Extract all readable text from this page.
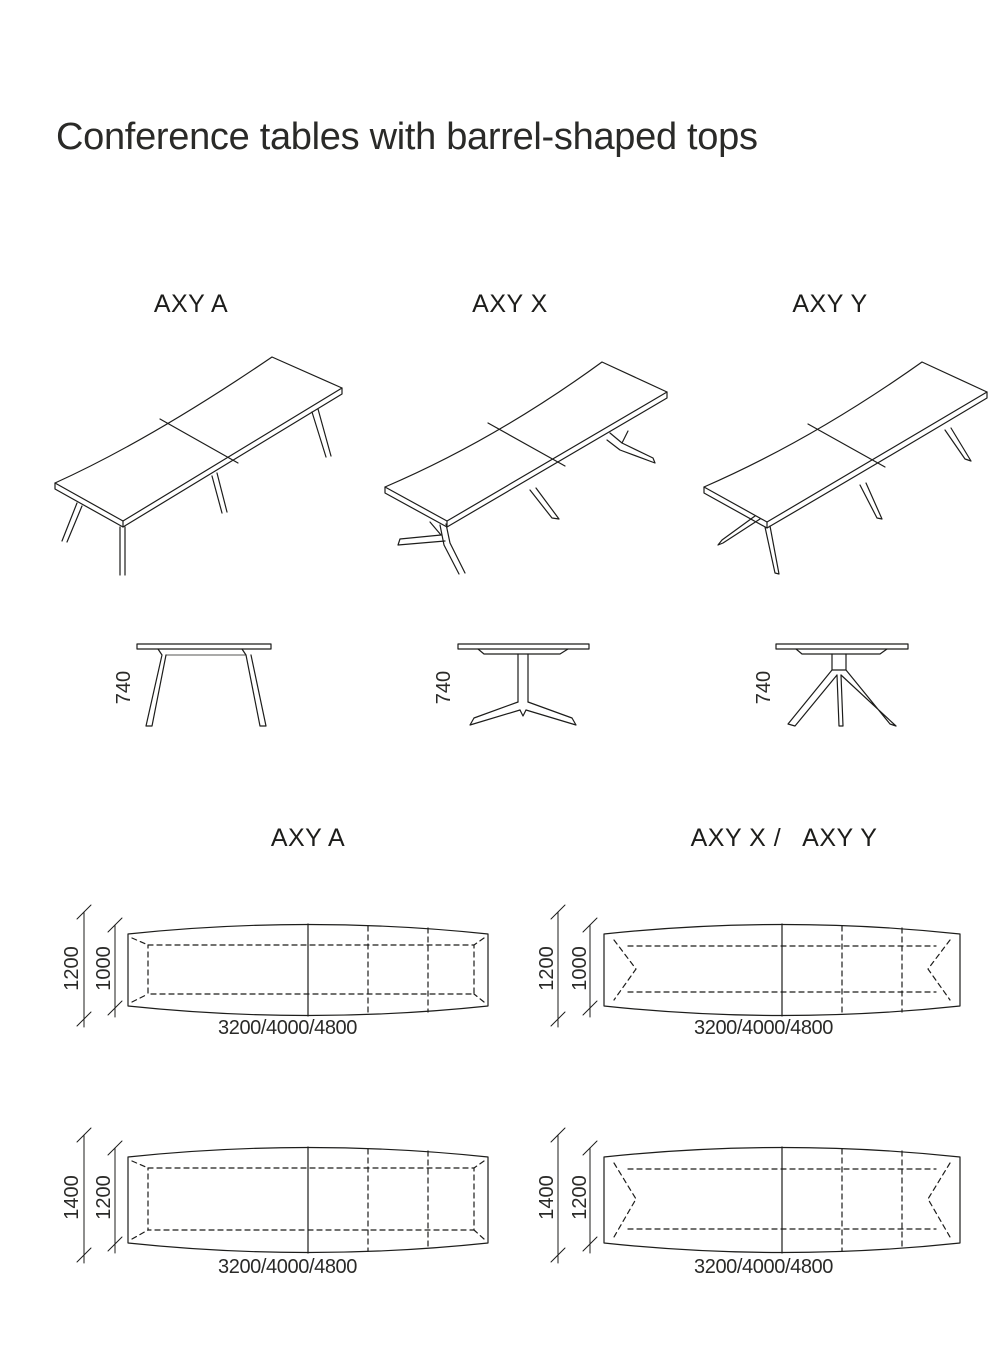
Conference tables with barrel-shaped tops
AXY A	AXY X	AXY Y
740	740	740
AXY A	AXY X /   AXY Y
1200 1000
3200/4000/4800
1200 1000
3200/4000/4800
1400 1200
3200/4000/4800
1400 1200
3200/4000/4800
